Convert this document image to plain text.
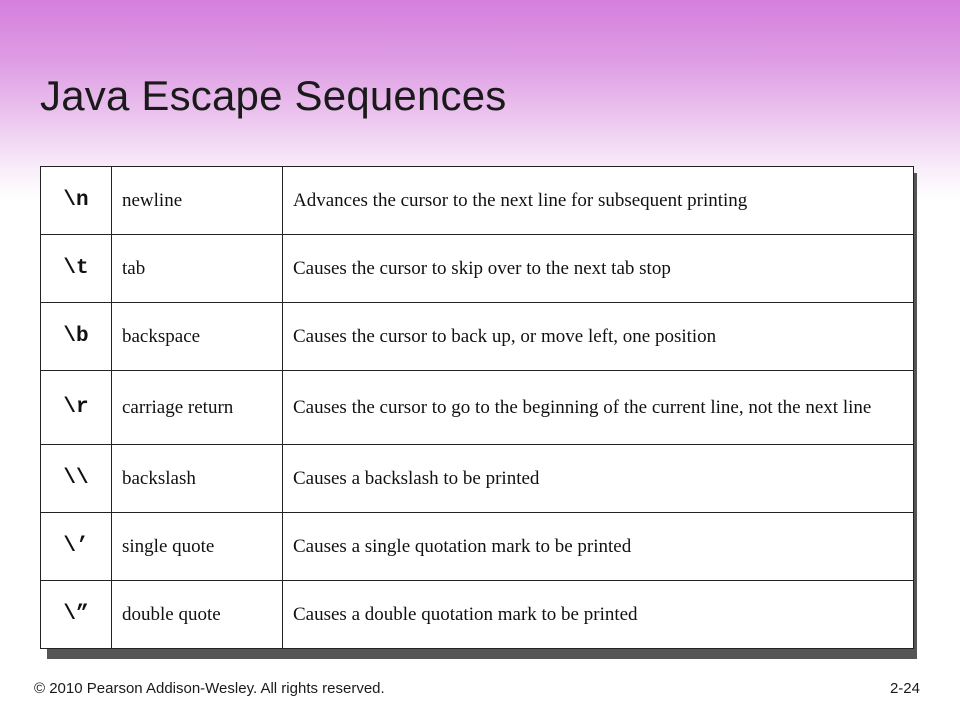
Java Escape Sequences
\n	newline	Advances the cursor to the next line for subsequent printing
\t	tab	Causes the cursor to skip over to the next tab stop
\b	backspace	Causes the cursor to back up, or move left, one position
\r	carriage return	Causes the cursor to go to the beginning of the current line, not the next line
\\	backslash	Causes a backslash to be printed
\’	single quote	Causes a single quotation mark to be printed
\”	double quote	Causes a double quotation mark to be printed
© 2010 Pearson Addison-Wesley. All rights reserved.	2-24
